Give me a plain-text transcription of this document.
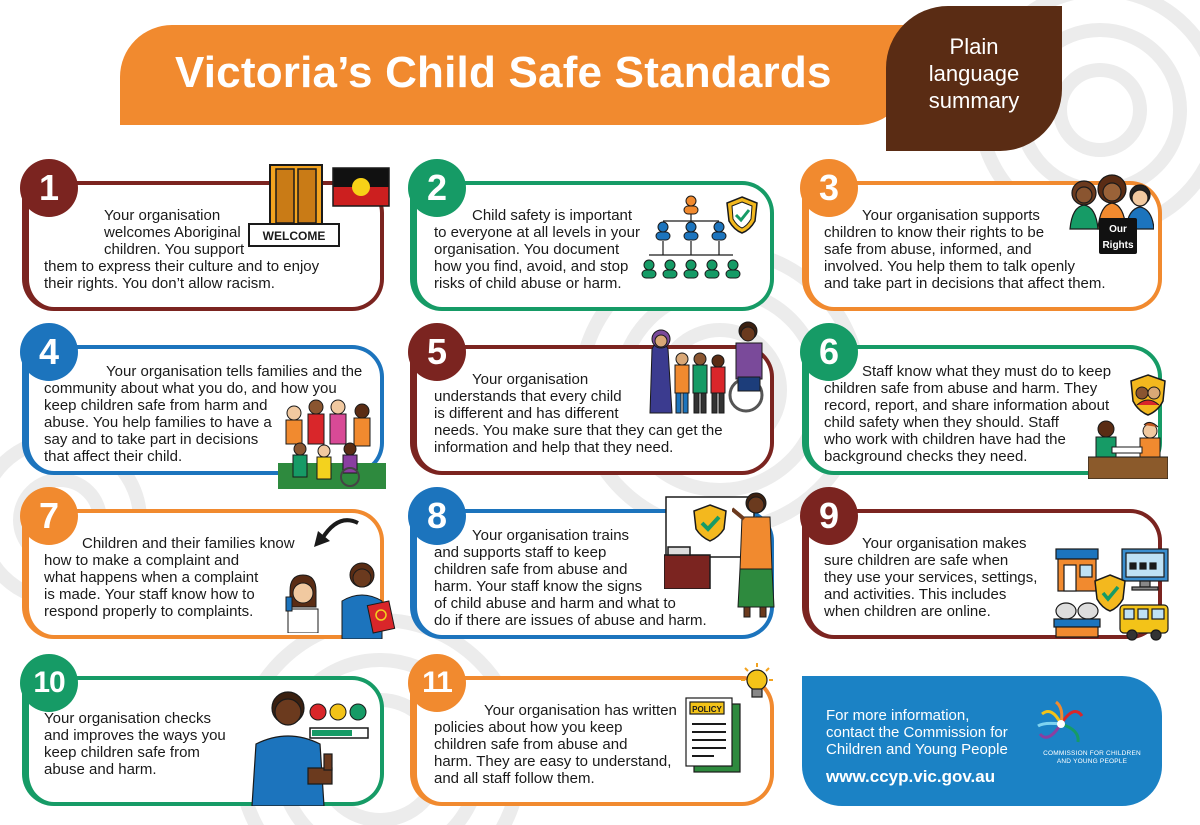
Victoria’s Child Safe Standards
Plain
language
summary
1
Your organisation
welcomes Aboriginal
children. You support
them to express their culture and to enjoy
their rights. You don’t allow racism.
WELCOME
2
Child safety is important
to everyone at all levels in your
organisation. You document
how you find, avoid, and stop
risks of child abuse or harm.
3
Your organisation supports
children to know their rights to be
safe from abuse, informed, and
involved. You help them to talk openly
and take part in decisions that affect them.
Our
Rights
4	Your organisation tells families and the
community about what you do, and how you
keep children safe from harm and
abuse. You help families to have a
say and to take part in decisions
that affect their child.
5
Your organisation
understands that every child
is different and has different
needs. You make sure that they can get the
information and help that they need.
6	Staff know what they must do to keep
children safe from abuse and harm. They
record, report, and share information about
child safety when they should. Staff
who work with children have had the
background checks they need.
7
Children and their families know
how to make a complaint and
what happens when a complaint
is made. Your staff know how to
respond properly to complaints.
8	Your organisation trains
and supports staff to keep
children safe from abuse and
harm. Your staff know the signs
of child abuse and harm and what to
do if there are issues of abuse and harm.
9
Your organisation makes
sure children are safe when
they use your services, settings,
and activities. This includes
when children are online.
10
Your organisation checks
and improves the ways you
keep children safe from
abuse and harm.
11
Your organisation has written
policies about how you keep
children safe from abuse and
harm. They are easy to understand,
and all staff follow them.
POLICY	For more information,
contact the Commission for
Children and Young People
www.ccyp.vic.gov.au
COMMISSION FOR CHILDREN
AND YOUNG PEOPLE
